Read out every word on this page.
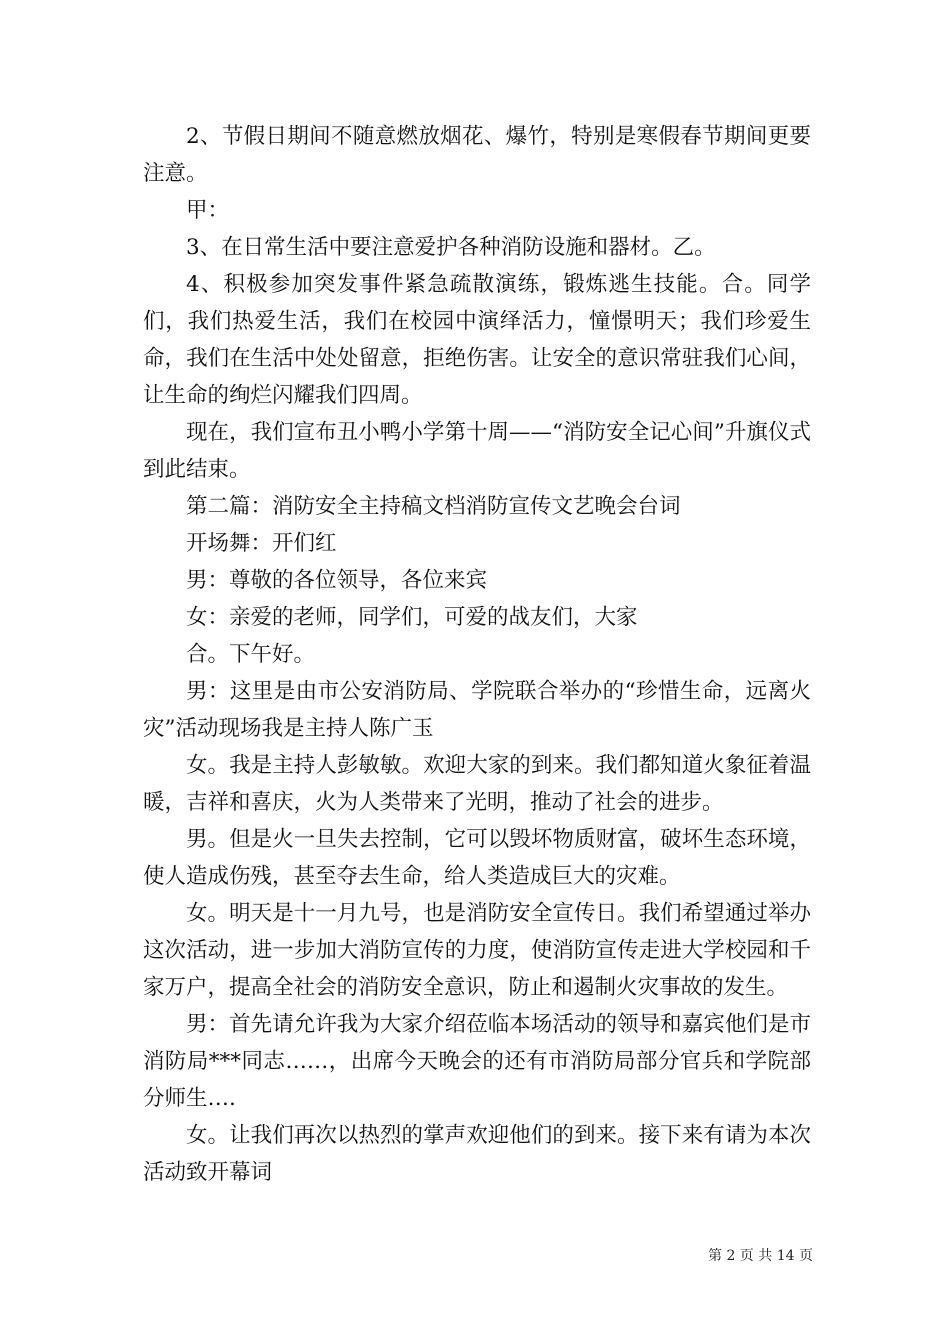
2、节假日期间不随意燃放烟花、爆竹，特别是寒假春节期间更要注意。

甲：

3、在日常生活中要注意爱护各种消防设施和器材。乙。

4、积极参加突发事件紧急疏散演练，锻炼逃生技能。合。同学们，我们热爱生活，我们在校园中演绎活力，憧憬明天；我们珍爱生命，我们在生活中处处留意，拒绝伤害。让安全的意识常驻我们心间，让生命的绚烂闪耀我们四周。

现在，我们宣布丑小鸭小学第十周——“消防安全记心间”升旗仪式到此结束。

第二篇：消防安全主持稿文档消防宣传文艺晚会台词

开场舞：开们红

男：尊敬的各位领导，各位来宾

女：亲爱的老师，同学们，可爱的战友们，大家

合。下午好。

男：这里是由市公安消防局、学院联合举办的“珍惜生命，远离火灾”活动现场我是主持人陈广玉

女。我是主持人彭敏敏。欢迎大家的到来。我们都知道火象征着温暖，吉祥和喜庆，火为人类带来了光明，推动了社会的进步。

男。但是火一旦失去控制，它可以毁坏物质财富，破坏生态环境，使人造成伤残，甚至夺去生命，给人类造成巨大的灾难。

女。明天是十一月九号，也是消防安全宣传日。我们希望通过举办这次活动，进一步加大消防宣传的力度，使消防宣传走进大学校园和千家万户，提高全社会的消防安全意识，防止和遏制火灾事故的发生。

男：首先请允许我为大家介绍莅临本场活动的领导和嘉宾他们是市消防局***同志……，出席今天晚会的还有市消防局部分官兵和学院部分师生….

女。让我们再次以热烈的掌声欢迎他们的到来。接下来有请为本次活动致开幕词

第 2 页 共 14 页
